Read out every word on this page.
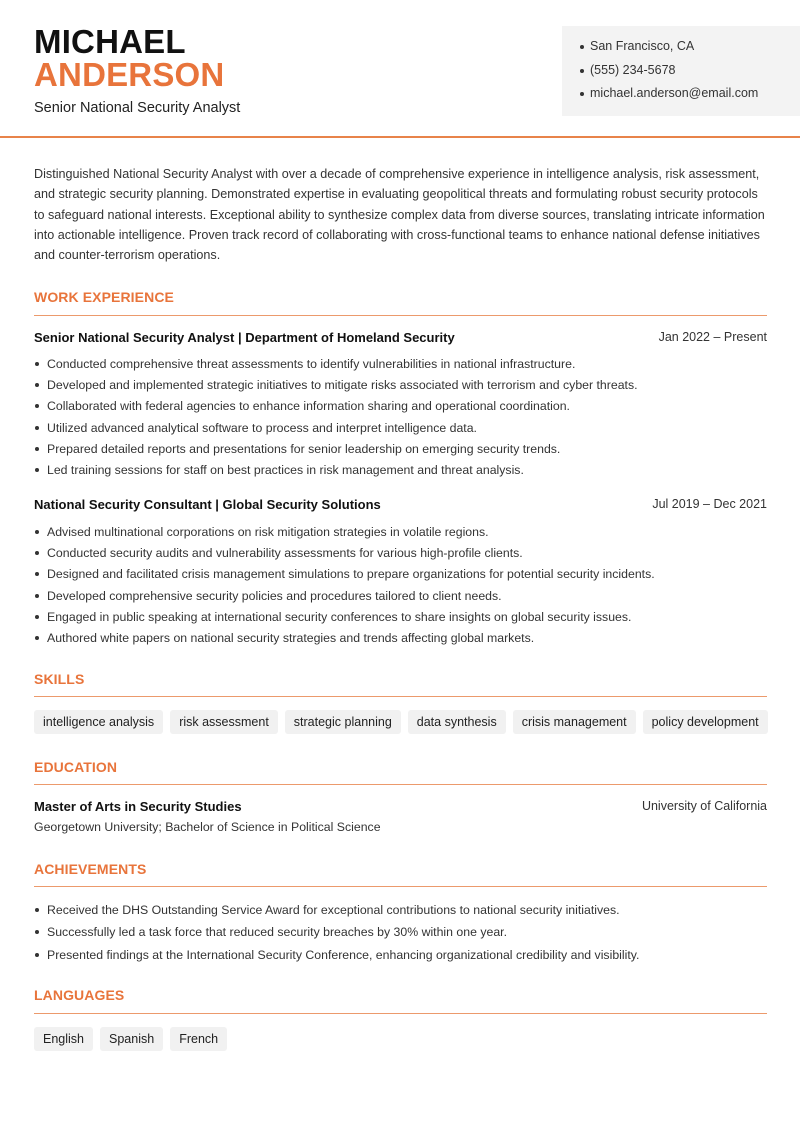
MICHAEL
ANDERSON
Senior National Security Analyst
San Francisco, CA
(555) 234-5678
michael.anderson@email.com

Distinguished National Security Analyst with over a decade of comprehensive experience in intelligence analysis, risk assessment, and strategic security planning. Demonstrated expertise in evaluating geopolitical threats and formulating robust security protocols to safeguard national interests. Exceptional ability to synthesize complex data from diverse sources, translating intricate information into actionable intelligence. Proven track record of collaborating with cross-functional teams to enhance national defense initiatives and counter-terrorism operations.

WORK EXPERIENCE
Senior National Security Analyst | Department of Homeland Security	Jan 2022 – Present
Conducted comprehensive threat assessments to identify vulnerabilities in national infrastructure.
Developed and implemented strategic initiatives to mitigate risks associated with terrorism and cyber threats.
Collaborated with federal agencies to enhance information sharing and operational coordination.
Utilized advanced analytical software to process and interpret intelligence data.
Prepared detailed reports and presentations for senior leadership on emerging security trends.
Led training sessions for staff on best practices in risk management and threat analysis.
National Security Consultant | Global Security Solutions	Jul 2019 – Dec 2021
Advised multinational corporations on risk mitigation strategies in volatile regions.
Conducted security audits and vulnerability assessments for various high-profile clients.
Designed and facilitated crisis management simulations to prepare organizations for potential security incidents.
Developed comprehensive security policies and procedures tailored to client needs.
Engaged in public speaking at international security conferences to share insights on global security issues.
Authored white papers on national security strategies and trends affecting global markets.
SKILLS
intelligence analysis	risk assessment	strategic planning	data synthesis	crisis management	policy development
EDUCATION
Master of Arts in Security Studies	University of California
Georgetown University; Bachelor of Science in Political Science
ACHIEVEMENTS
Received the DHS Outstanding Service Award for exceptional contributions to national security initiatives.
Successfully led a task force that reduced security breaches by 30% within one year.
Presented findings at the International Security Conference, enhancing organizational credibility and visibility.
LANGUAGES
English	Spanish	French
